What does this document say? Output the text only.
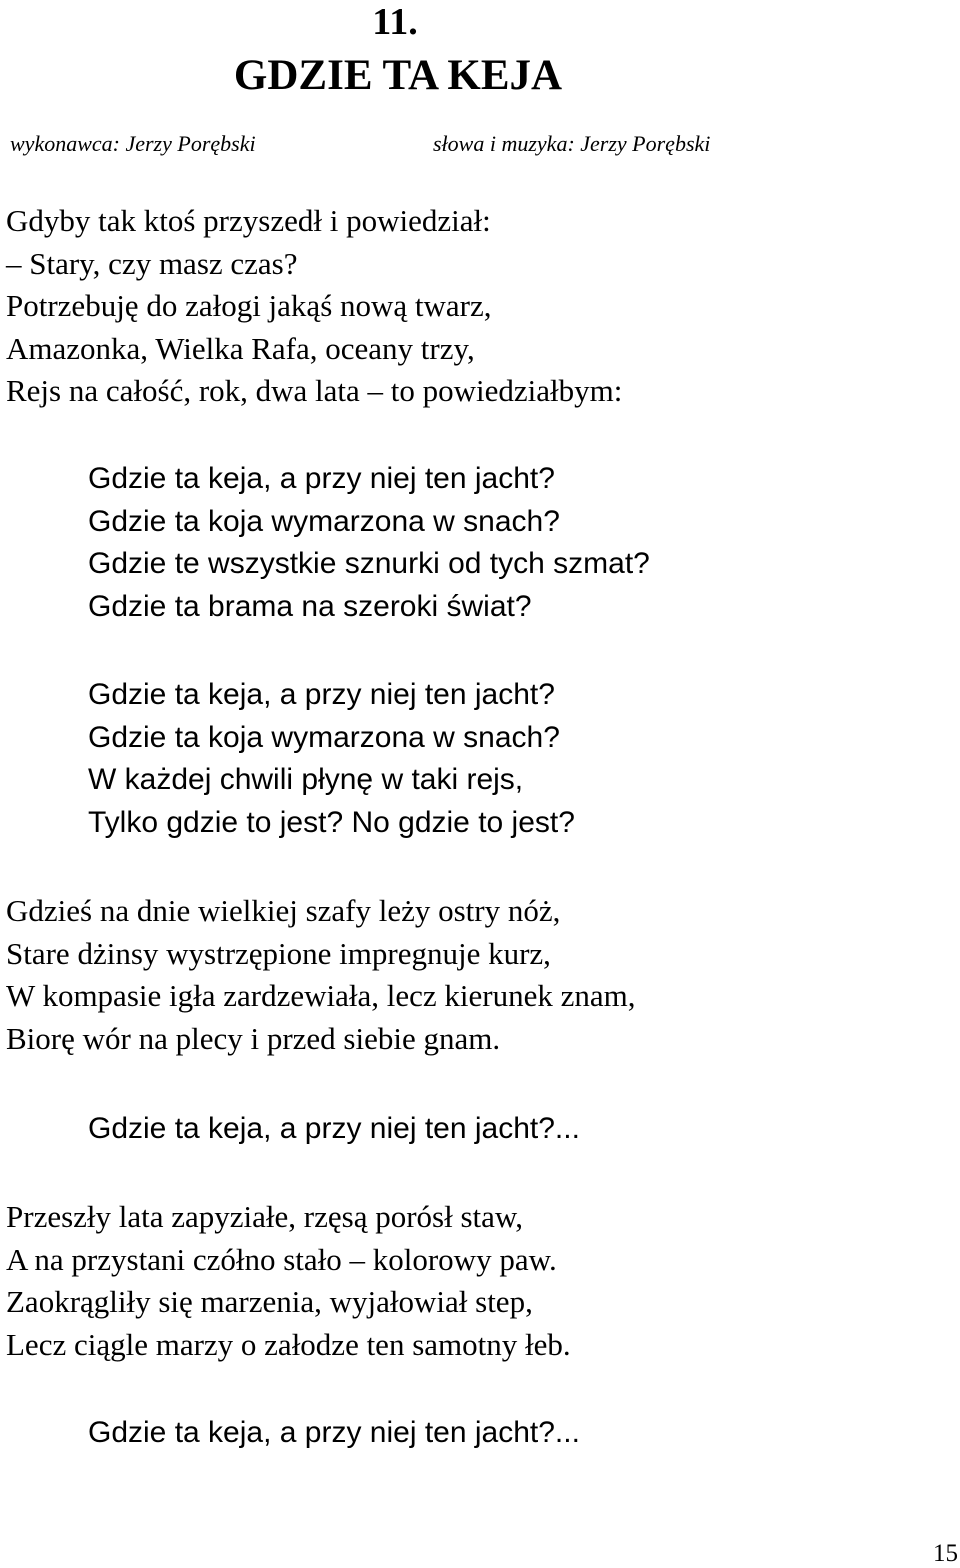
11.
GDZIE TA KEJA
wykonawca: Jerzy Porębski	słowa i muzyka: Jerzy Porębski
Gdyby tak ktoś przyszedł i powiedział:
– Stary, czy masz czas?
Potrzebuję do załogi jakąś nową twarz,
Amazonka, Wielka Rafa, oceany trzy,
Rejs na całość, rok, dwa lata – to powiedziałbym:
Gdzie ta keja, a przy niej ten jacht?
Gdzie ta koja wymarzona w snach?
Gdzie te wszystkie sznurki od tych szmat?
Gdzie ta brama na szeroki świat?
Gdzie ta keja, a przy niej ten jacht?
Gdzie ta koja wymarzona w snach?
W każdej chwili płynę w taki rejs,
Tylko gdzie to jest? No gdzie to jest?
Gdzieś na dnie wielkiej szafy leży ostry nóż,
Stare dżinsy wystrzępione impregnuje kurz,
W kompasie igła zardzewiała, lecz kierunek znam,
Biorę wór na plecy i przed siebie gnam.
Gdzie ta keja, a przy niej ten jacht?...
Przeszły lata zapyziałe, rzęsą porósł staw,
A na przystani czółno stało – kolorowy paw.
Zaokrągliły się marzenia, wyjałowiał step,
Lecz ciągle marzy o załodze ten samotny łeb.
Gdzie ta keja, a przy niej ten jacht?...
15
